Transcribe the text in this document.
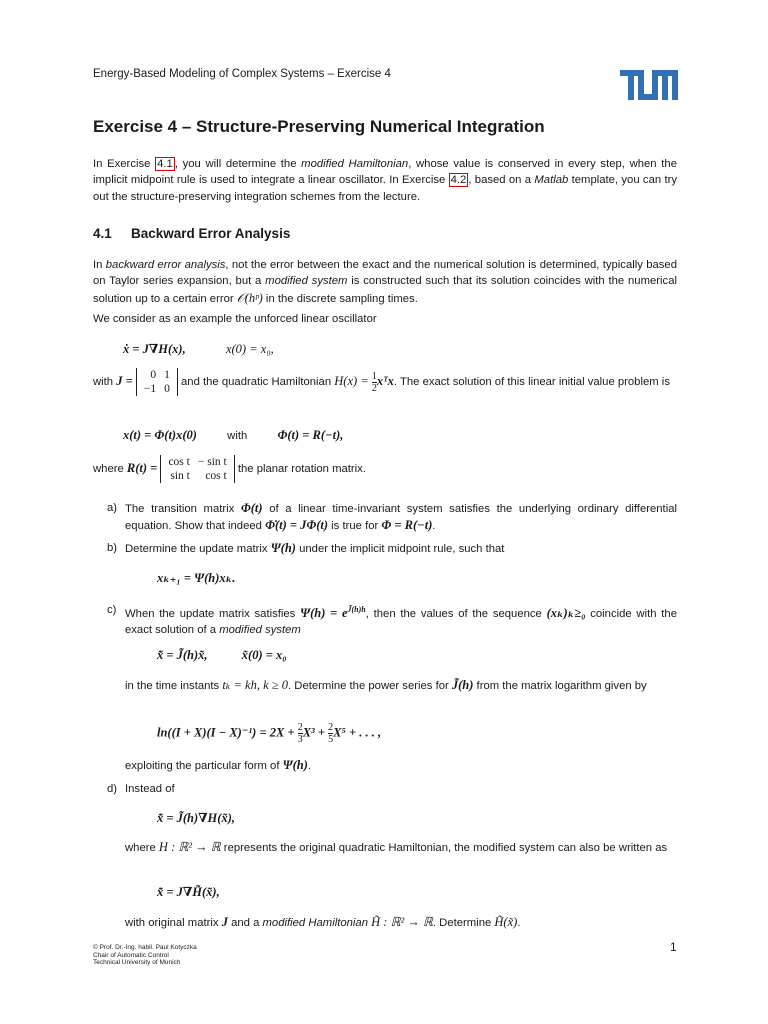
Energy-Based Modeling of Complex Systems – Exercise 4
Exercise 4 – Structure-Preserving Numerical Integration
In Exercise 4.1 , you will determine the modified Hamiltonian, whose value is conserved in every step, when the implicit midpoint rule is used to integrate a linear oscillator. In Exercise 4.2 , based on a Matlab template, you can try out the structure-preserving integration schemes from the lecture.
4.1 Backward Error Analysis
In backward error analysis, not the error between the exact and the numerical solution is determined, typically based on Taylor series expansion, but a modified system is constructed such that its solution coincides with the numerical solution up to a certain error 𝒪(hᵖ) in the discrete sampling times.
We consider as an example the unforced linear oscillator
ẋ = J∇H(x),	x(0) = x₀,
with J = 0	1
−1	0
and the quadratic Hamiltonian $H(x) = \frac{1}{2}$ xᵀx. The exact solution of this linear initial value problem is
x(t) = Φ(t)x(0)	with Φ(t) = R(−t),
where R(t) = cos t	− sin t
sin t	cos t
the planar rotation matrix.
a) The transition matrix Φ(t) of a linear time-invariant system satisfies the underlying ordinary differential equation. Show that indeed Φ̇(t) = JΦ(t) is true for Φ = R(−t).
b) Determine the update matrix Ψ(h) under the implicit midpoint rule, such that
xₖ₊₁ = Ψ(h)xₖ.
c) When the update matrix satisfies $\Psi(h) = e^{J̃(h)h}$, then the values of the sequence (xₖ)ₖ≥₀ coincide with the exact solution of a modified system
x̃̇ = J̃(h)x̃,	x̃(0) = x₀
in the time instants tₖ = kh, k ≥ 0. Determine the power series for J̃(h) from the matrix logarithm given by
$\ln((I + X)(I - X)^{-1}) = 2X + \frac{2}{3} X^3 + \frac{2}{5} X^5$ + . . . ,
exploiting the particular form of Ψ(h).
d) Instead of
x̃̇ = J̃(h)∇H(x̃),
where H : ℝ² → ℝ represents the original quadratic Hamiltonian, the modified system can also be written as
x̃̇ = J∇H̃(x̃),
with original matrix J and a modified Hamiltonian H̃ : ℝ² → ℝ. Determine H̃(x̃).
© Prof. Dr.-Ing. habil. Paul Kotyczka
Chair of Automatic Control
Technical University of Munich
1
